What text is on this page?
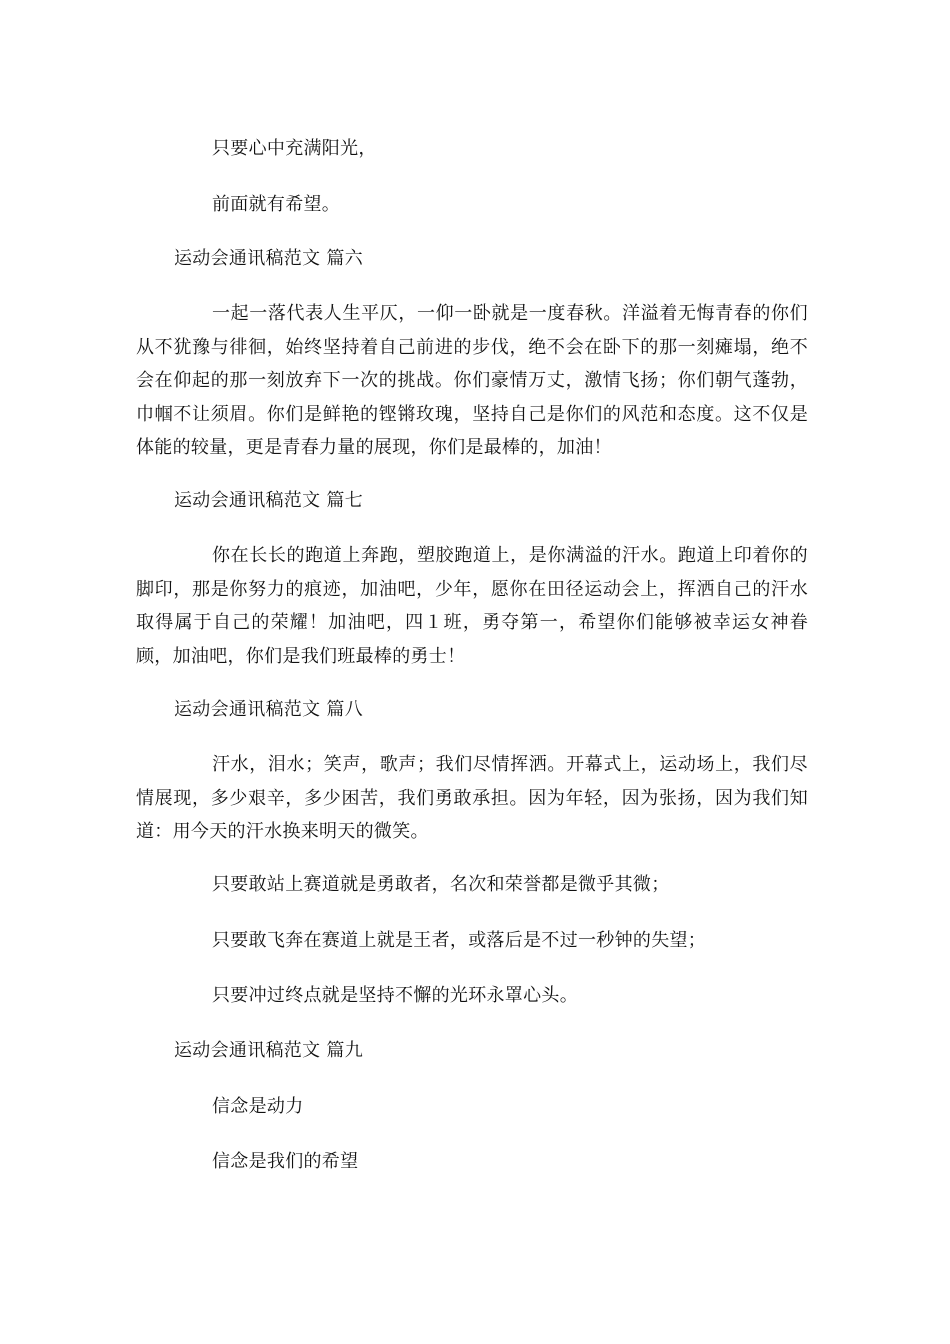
只要心中充满阳光，
前面就有希望。
运动会通讯稿范文 篇六
一起一落代表人生平仄，一仰一卧就是一度春秋。洋溢着无悔青春的你们从不犹豫与徘徊，始终坚持着自己前进的步伐，绝不会在卧下的那一刻瘫塌，绝不会在仰起的那一刻放弃下一次的挑战。你们豪情万丈，激情飞扬；你们朝气蓬勃，巾帼不让须眉。你们是鲜艳的铿锵玫瑰，坚持自己是你们的风范和态度。这不仅是体能的较量，更是青春力量的展现，你们是最棒的，加油！
运动会通讯稿范文 篇七
你在长长的跑道上奔跑，塑胶跑道上，是你满溢的汗水。跑道上印着你的脚印，那是你努力的痕迹，加油吧，少年，愿你在田径运动会上，挥洒自己的汗水取得属于自己的荣耀！加油吧，四１班，勇夺第一，希望你们能够被幸运女神眷顾，加油吧，你们是我们班最棒的勇士！
运动会通讯稿范文 篇八
汗水，泪水；笑声，歌声；我们尽情挥洒。开幕式上，运动场上，我们尽情展现，多少艰辛，多少困苦，我们勇敢承担。因为年轻，因为张扬，因为我们知道：用今天的汗水换来明天的微笑。
只要敢站上赛道就是勇敢者，名次和荣誉都是微乎其微；
只要敢飞奔在赛道上就是王者，或落后是不过一秒钟的失望；
只要冲过终点就是坚持不懈的光环永罩心头。
运动会通讯稿范文 篇九
信念是动力
信念是我们的希望
